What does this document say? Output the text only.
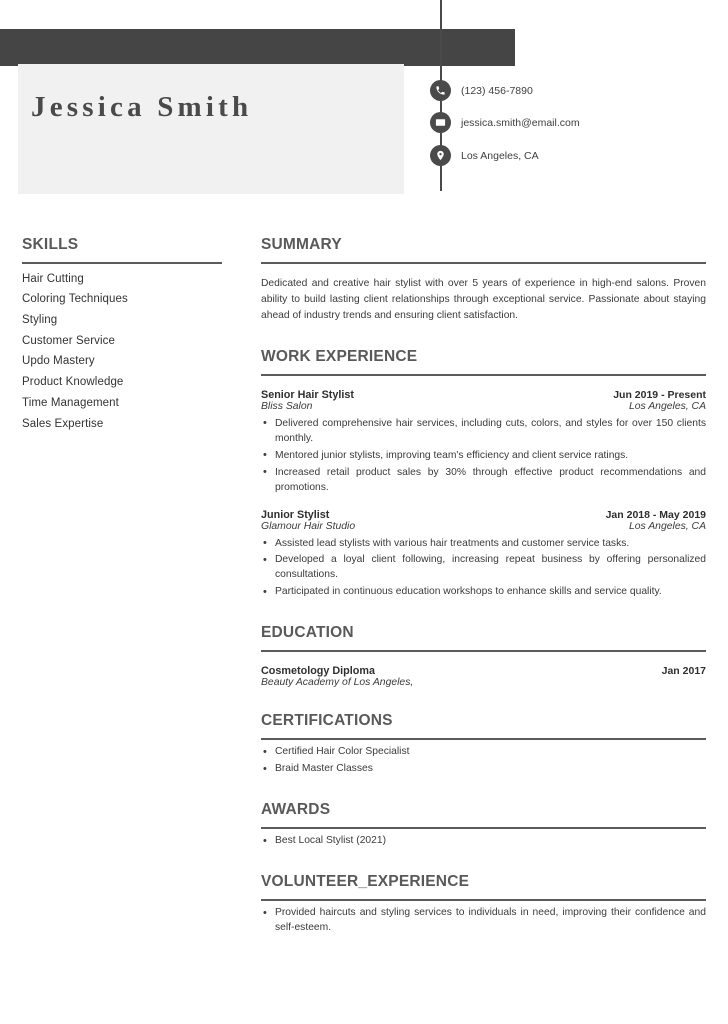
Jessica Smith
(123) 456-7890
jessica.smith@email.com
Los Angeles, CA
SKILLS
Hair Cutting
Coloring Techniques
Styling
Customer Service
Updo Mastery
Product Knowledge
Time Management
Sales Expertise
SUMMARY

Dedicated and creative hair stylist with over 5 years of experience in high-end salons. Proven ability to build lasting client relationships through exceptional service. Passionate about staying ahead of industry trends and ensuring client satisfaction.

WORK EXPERIENCE
Senior Hair Stylist	Jun 2019 - Present
Bliss Salon	Los Angeles, CA
• Delivered comprehensive hair services, including cuts, colors, and styles for over 150 clients monthly.
• Mentored junior stylists, improving team's efficiency and client service ratings.
• Increased retail product sales by 30% through effective product recommendations and promotions.
Junior Stylist	Jan 2018 - May 2019
Glamour Hair Studio	Los Angeles, CA
• Assisted lead stylists with various hair treatments and customer service tasks.
• Developed a loyal client following, increasing repeat business by offering personalized consultations.
• Participated in continuous education workshops to enhance skills and service quality.
EDUCATION
Cosmetology Diploma	Jan 2017
Beauty Academy of Los Angeles,
CERTIFICATIONS
• Certified Hair Color Specialist
• Braid Master Classes
AWARDS
• Best Local Stylist (2021)
VOLUNTEER_EXPERIENCE
• Provided haircuts and styling services to individuals in need, improving their confidence and self-esteem.
